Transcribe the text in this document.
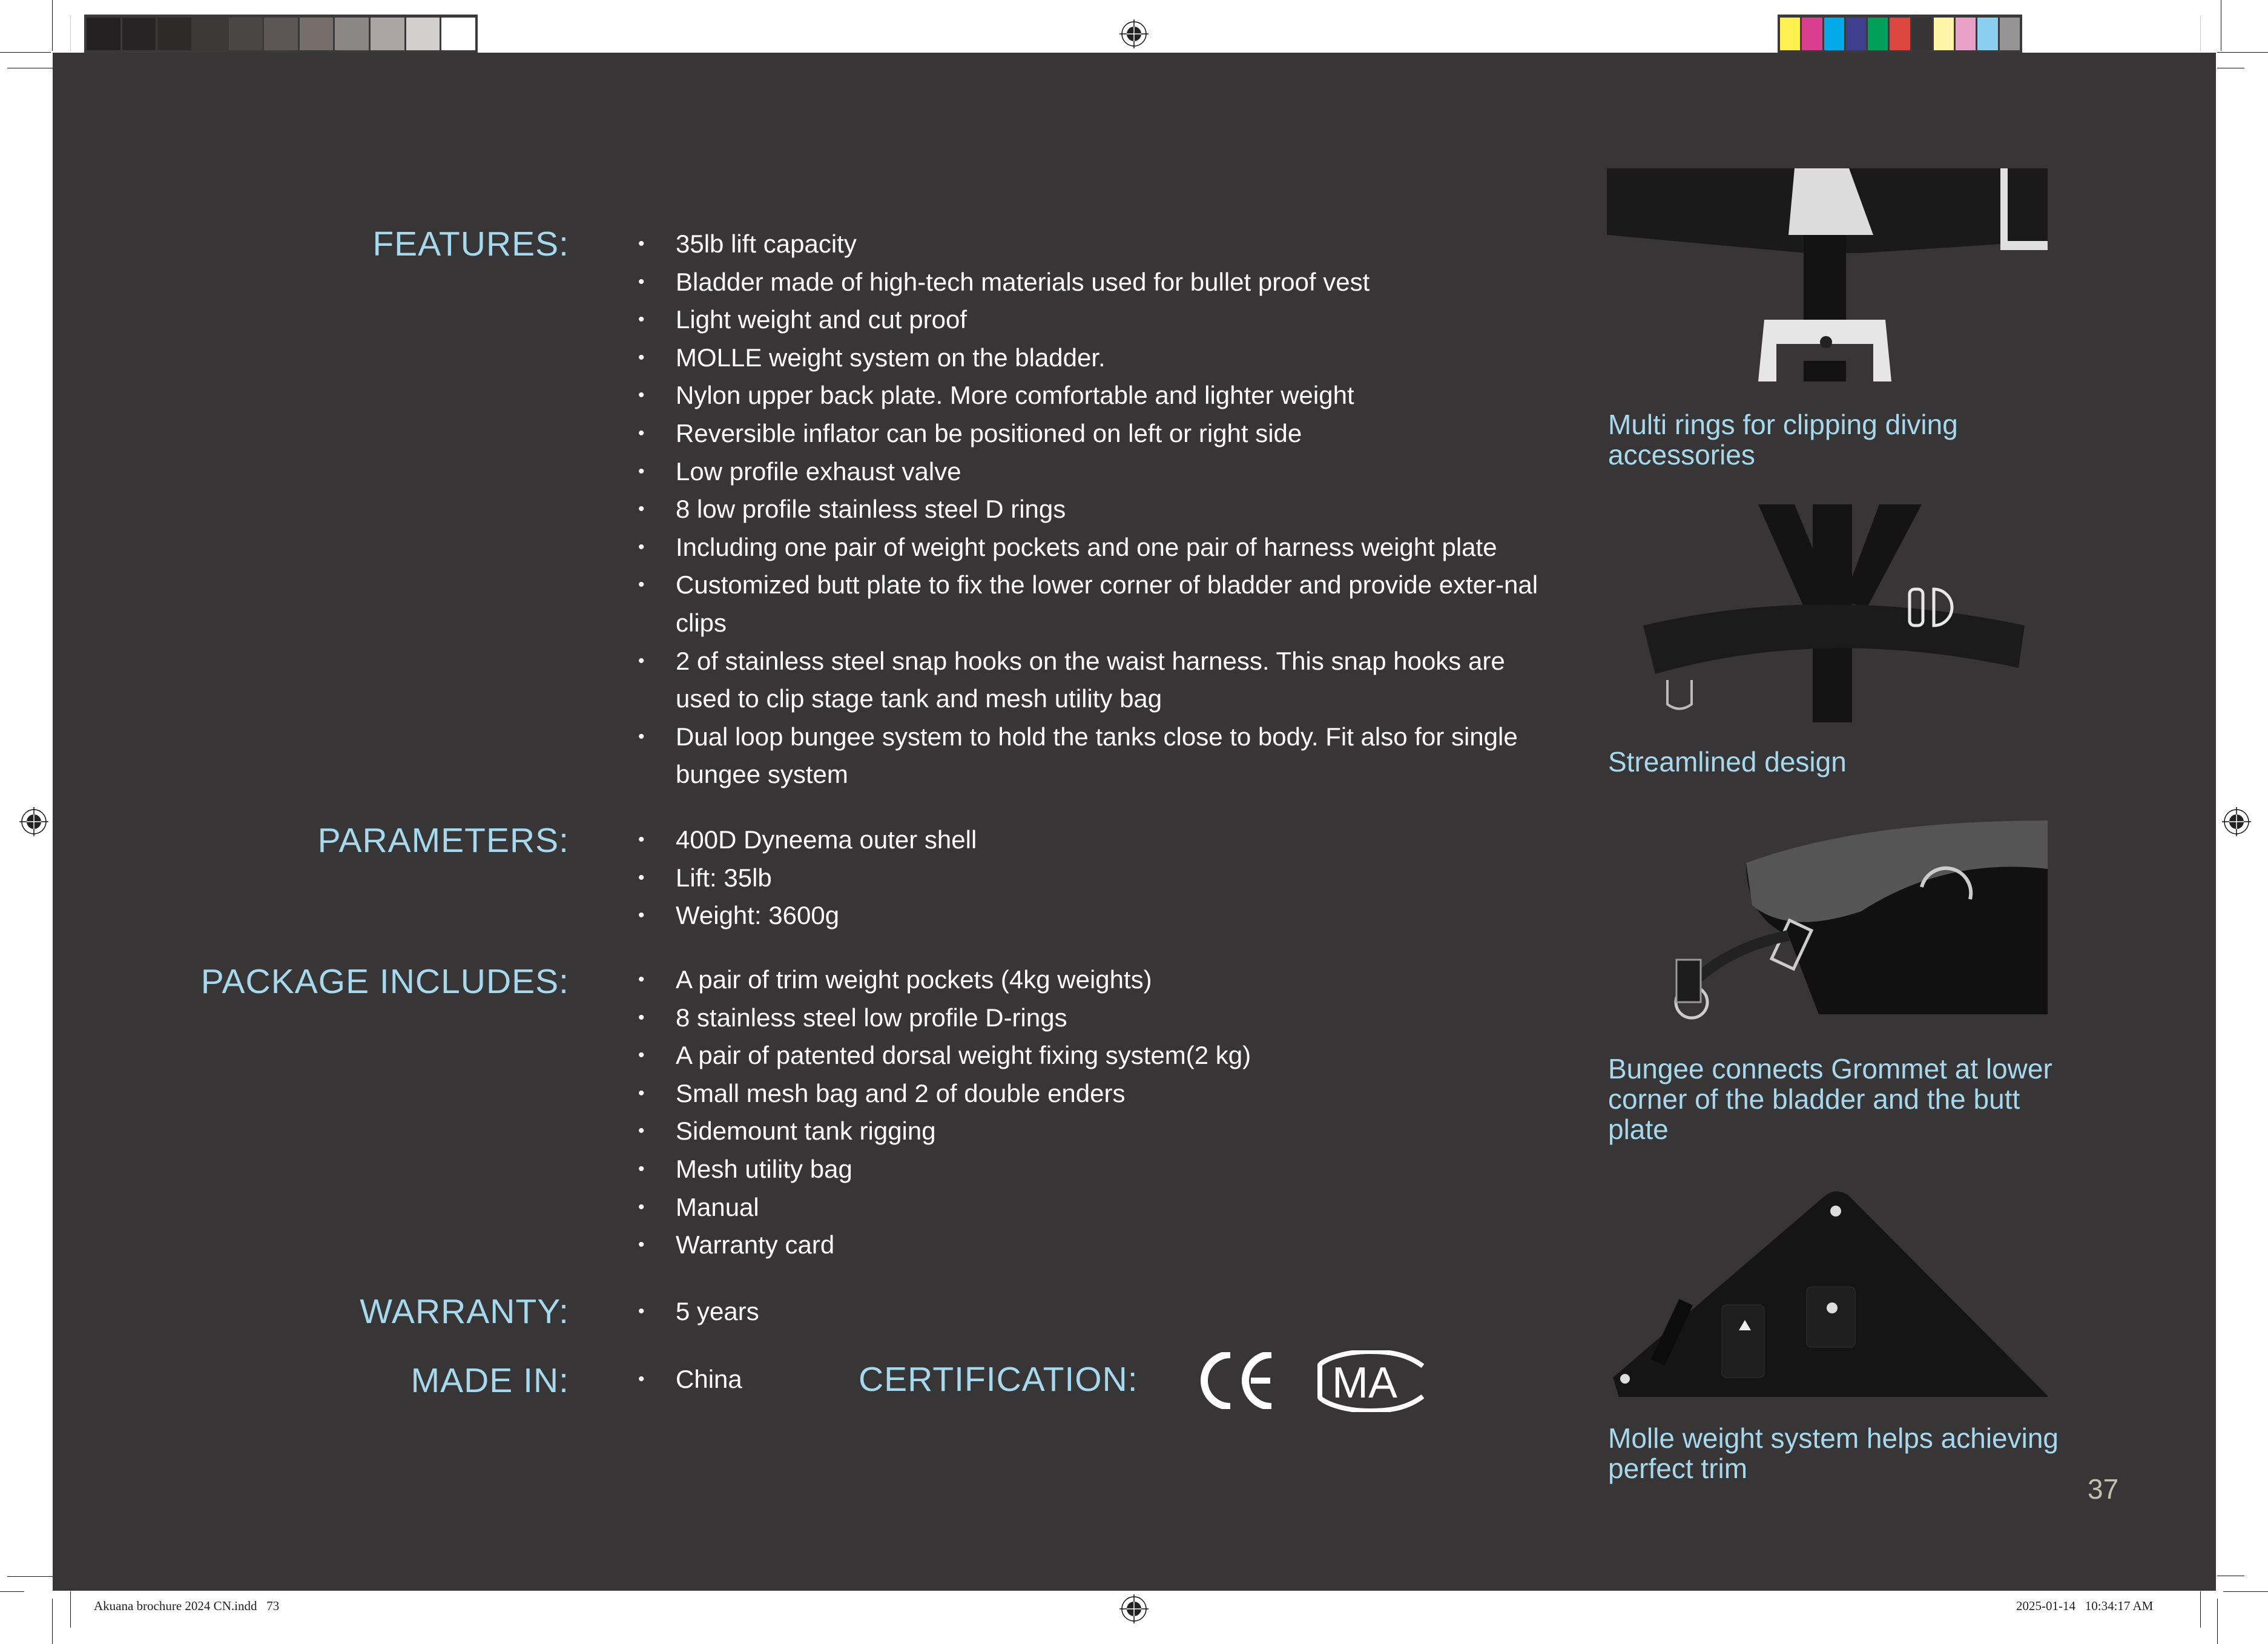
FEATURES:	• 35lb lift capacity
• Bladder made of high-tech materials used for bullet proof vest
• Light weight and cut proof
• MOLLE weight system on the bladder.
• Nylon upper back plate. More comfortable and lighter weight
• Reversible inflator can be positioned on left or right side
• Low profile exhaust valve
• 8 low profile stainless steel D rings
• Including one pair of weight pockets and one pair of harness weight plate
• Customized butt plate to fix the lower corner of bladder and provide exter-nal clips
• 2 of stainless steel snap hooks on the waist harness. This snap hooks are used to clip stage tank and mesh utility bag
• Dual loop bungee system to hold the tanks close to body. Fit also for single bungee system
PARAMETERS:	• 400D Dyneema outer shell
• Lift: 35lb
• Weight: 3600g
PACKAGE INCLUDES:	• A pair of trim weight pockets (4kg weights)
• 8 stainless steel low profile D-rings
• A pair of patented dorsal weight fixing system(2 kg)
• Small mesh bag and 2 of double enders
• Sidemount tank rigging
• Mesh utility bag
• Manual
• Warranty card
WARRANTY:	• 5 years
MADE IN:	• China	CERTIFICATION:	MA
Multi rings for clipping diving accessories
Streamlined design
Bungee connects Grommet at lower corner of the bladder and the butt plate
Molle weight system helps achieving perfect trim
37
Akuana brochure 2024 CN.indd   73	2025-01-14   10:34:17 AM
